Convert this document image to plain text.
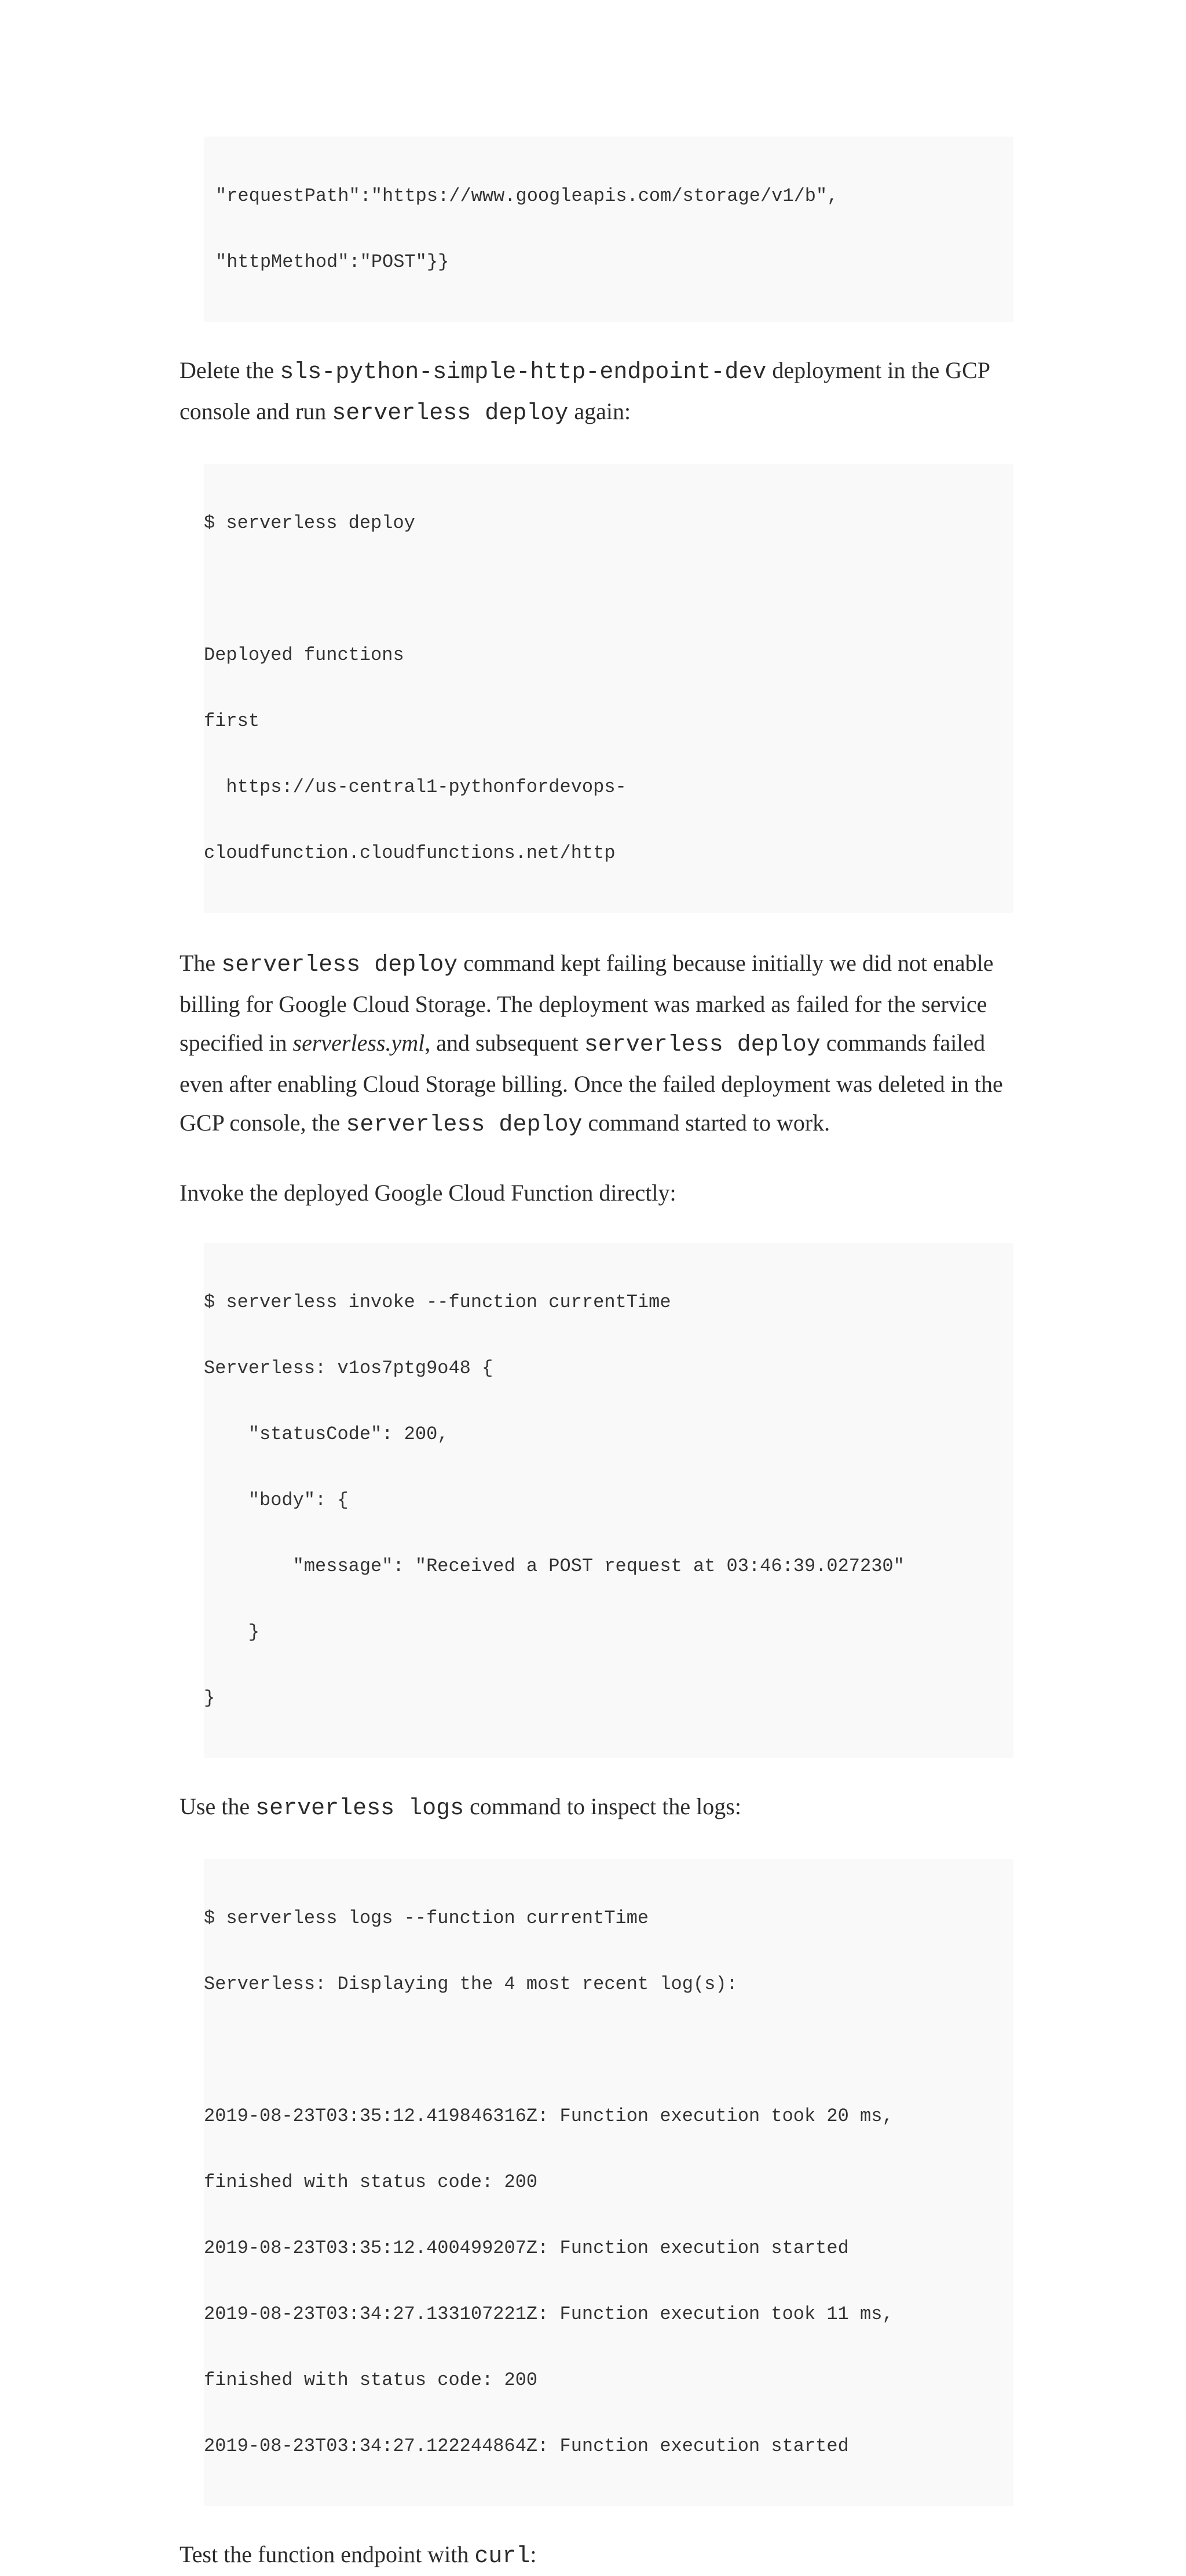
"requestPath":"https://www.googleapis.com/storage/v1/b",

"httpMethod":"POST"}}

Delete the sls-python-simple-http-endpoint-dev deployment in the GCP console and run serverless deploy again:

$ serverless deploy

Deployed functions

first

https://us-central1-pythonfordevops-

cloudfunction.cloudfunctions.net/http

The serverless deploy command kept failing because initially we did not enable billing for Google Cloud Storage. The deployment was marked as failed for the service specified in serverless.yml, and subsequent serverless deploy commands failed even after enabling Cloud Storage billing. Once the failed deployment was deleted in the GCP console, the serverless deploy command started to work.

Invoke the deployed Google Cloud Function directly:

$ serverless invoke --function currentTime

Serverless: v1os7ptg9o48 {

"statusCode": 200,

"body": {

"message": "Received a POST request at 03:46:39.027230"

}

}

Use the serverless logs command to inspect the logs:

$ serverless logs --function currentTime

Serverless: Displaying the 4 most recent log(s):

2019-08-23T03:35:12.419846316Z: Function execution took 20 ms,

finished with status code: 200

2019-08-23T03:35:12.400499207Z: Function execution started

2019-08-23T03:34:27.133107221Z: Function execution took 11 ms,

finished with status code: 200

2019-08-23T03:34:27.122244864Z: Function execution started

Test the function endpoint with curl:
